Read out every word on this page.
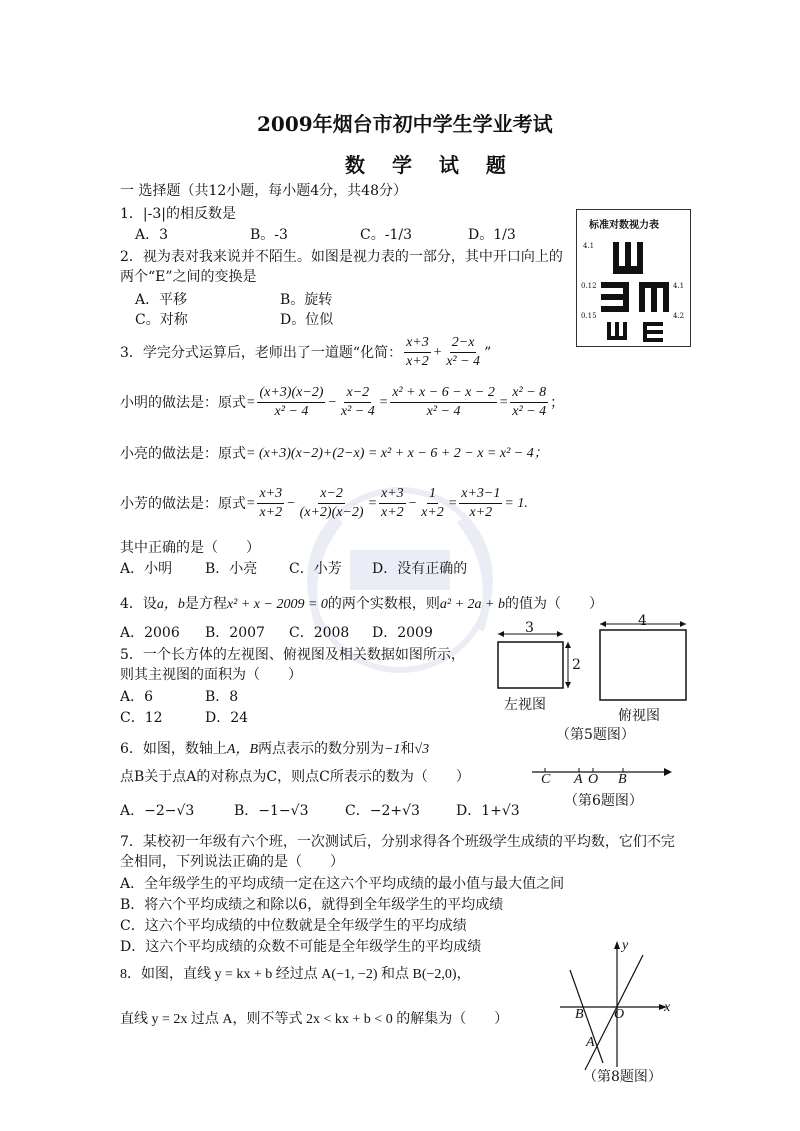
2009年烟台市初中学生学业考试
数 学 试 题
一 选择题（共12小题，每小题4分，共48分）
1．|-3|的相反数是
A．3	B。-3	C。-1/3	D。1/3
2．视为表对我来说并不陌生。如图是视力表的一部分，其中开口向上的
两个“E”之间的变换是
A．平移	B。旋转
C。对称	D。位似
标准对数视力表
4.1
0.12
0.15
4.1
4.2
3．学完分式运算后，老师出了一道题“化简： $\frac{x+3}{x+2} + \frac{2-x}{\text{x² − 4}}$ ”
小明的做法是：原式 = $\frac{(x+3)(x-2)}{\text{x² − 4}} - \frac{x-2}{\text{x² − 4}} = \frac{\text{x² + x − 6 − x − 2}}{\text{x² − 4}} = \frac{\text{x² − 8}}{\text{x² − 4}}$ ；
小亮的做法是：原式 = (x+3)(x−2)+(2−x) = x² + x − 6 + 2 − x = x² − 4；
小芳的做法是：原式 = $\frac{x+3}{x+2} - \frac{x-2}{(x+2)(x-2)} = \frac{x+3}{x+2} - \frac{1}{x+2} = \frac{x+3-1}{x+2} = 1$.
其中正确的是（　　）
A．小明 B．小亮 C．小芳 D．没有正确的
4．设a，b是方程x² + x − 2009 = 0的两个实数根，则a² + 2a + b的值为（　　）
A．2006 B．2007 C．2008 D．2009
5．一个长方体的左视图、俯视图及相关数据如图所示，
则其主视图的面积为（　　）
A．6	B．8
C．12	D．24
3
2
4
左视图
俯视图
（第5题图）
6．如图，数轴上A，B两点表示的数分别为−1和√3
点B关于点A的对称点为C，则点C所表示的数为（　　）
A．−2−√3	B．−1−√3	C．−2+√3	D．1+√3
C A O B
（第6题图）
7．某校初一年级有六个班，一次测试后，分别求得各个班级学生成绩的平均数，它们不完
全相同，下列说法正确的是（　　）
A．全年级学生的平均成绩一定在这六个平均成绩的最小值与最大值之间
B．将六个平均成绩之和除以6，就得到全年级学生的平均成绩
C．这六个平均成绩的中位数就是全年级学生的平均成绩
D．这六个平均成绩的众数不可能是全年级学生的平均成绩
8．如图，直线 y = kx + b 经过点 A(−1, −2) 和点 B(−2,0)，
直线 y = 2x 过点 A，则不等式 2x < kx + b < 0 的解集为（　　）
y
x
B O
A
（第8题图）
